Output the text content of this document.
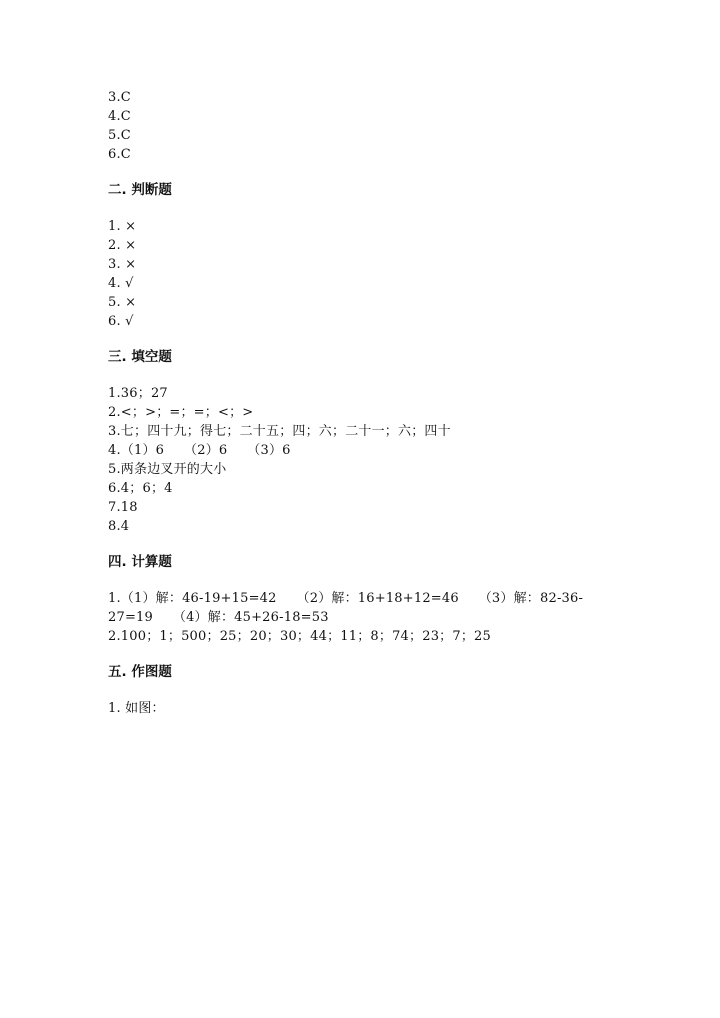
3.C
4.C
5.C
6.C
二. 判断题
1. ×
2. ×
3. ×
4. √
5. ×
6. √
三. 填空题
1.36；27
2.<；>；=；=；<；>
3.七；四十九；得七；二十五；四；六；二十一；六；四十
4.（1）6　　（2）6　　（3）6
5.两条边叉开的大小
6.4；6；4
7.18
8.4
四. 计算题
1.（1）解：46-19+15=42　　（2）解：16+18+12=46　　（3）解：82-36-
27=19　　（4）解：45+26-18=53
2.100；1；500；25；20；30；44；11；8；74；23；7；25
五. 作图题
1. 如图：
